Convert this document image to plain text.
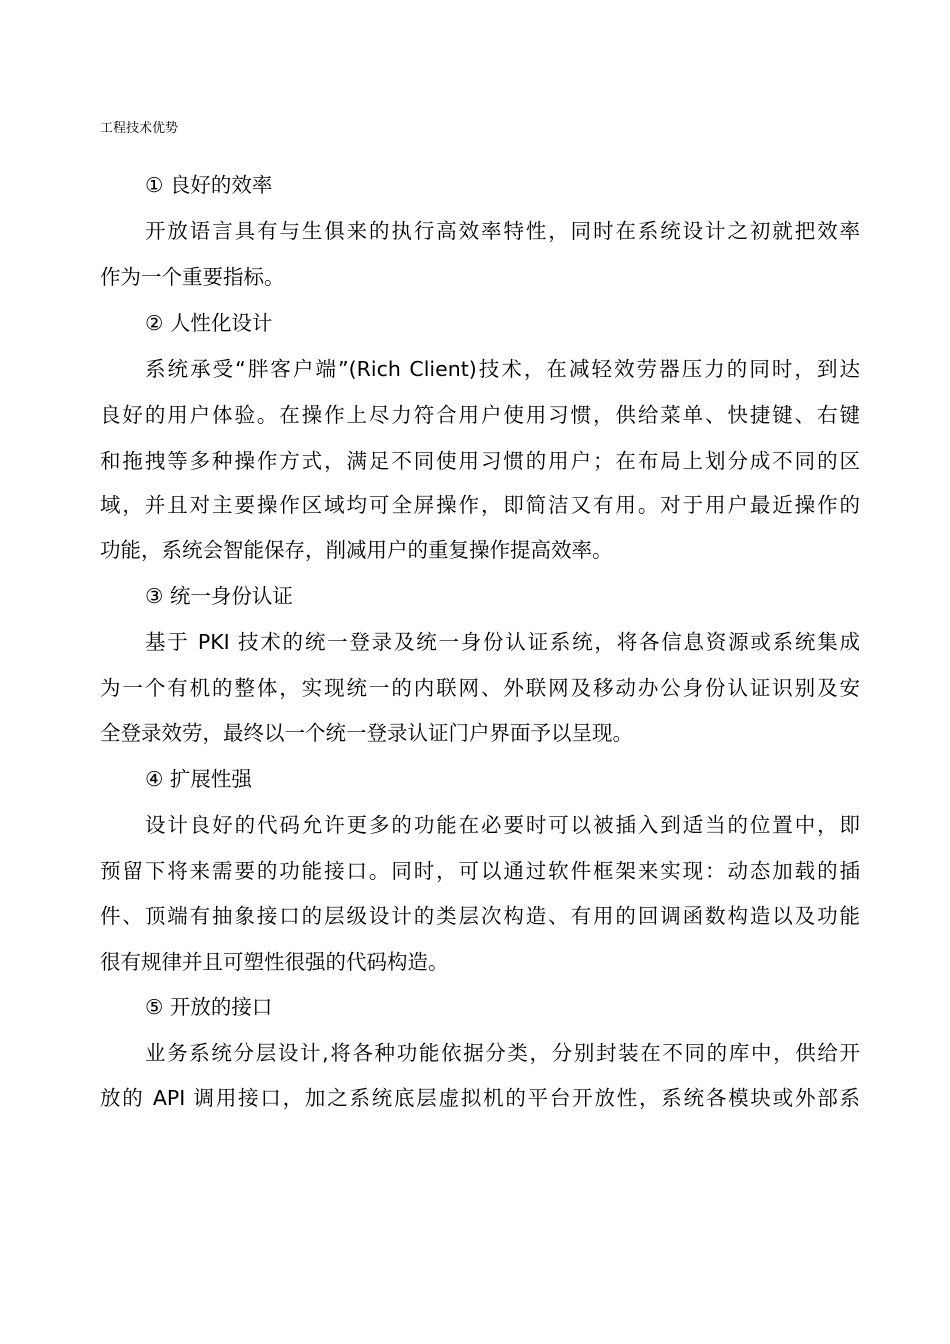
工程技术优势
① 良好的效率
开放语言具有与生俱来的执行高效率特性，同时在系统设计之初就把效率
作为一个重要指标。
② 人性化设计
系统承受“胖客户端”(Rich Client)技术，在减轻效劳器压力的同时，到达
良好的用户体验。在操作上尽力符合用户使用习惯，供给菜单、快捷键、右键
和拖拽等多种操作方式，满足不同使用习惯的用户；在布局上划分成不同的区
域，并且对主要操作区域均可全屏操作，即简洁又有用。对于用户最近操作的
功能，系统会智能保存，削减用户的重复操作提高效率。
③ 统一身份认证
基于 PKI 技术的统一登录及统一身份认证系统，将各信息资源或系统集成
为一个有机的整体，实现统一的内联网、外联网及移动办公身份认证识别及安
全登录效劳，最终以一个统一登录认证门户界面予以呈现。
④ 扩展性强
设计良好的代码允许更多的功能在必要时可以被插入到适当的位置中，即
预留下将来需要的功能接口。同时，可以通过软件框架来实现：动态加载的插
件、顶端有抽象接口的层级设计的类层次构造、有用的回调函数构造以及功能
很有规律并且可塑性很强的代码构造。
⑤ 开放的接口
业务系统分层设计,将各种功能依据分类，分别封装在不同的库中，供给开
放的 API 调用接口，加之系统底层虚拟机的平台开放性，系统各模块或外部系
